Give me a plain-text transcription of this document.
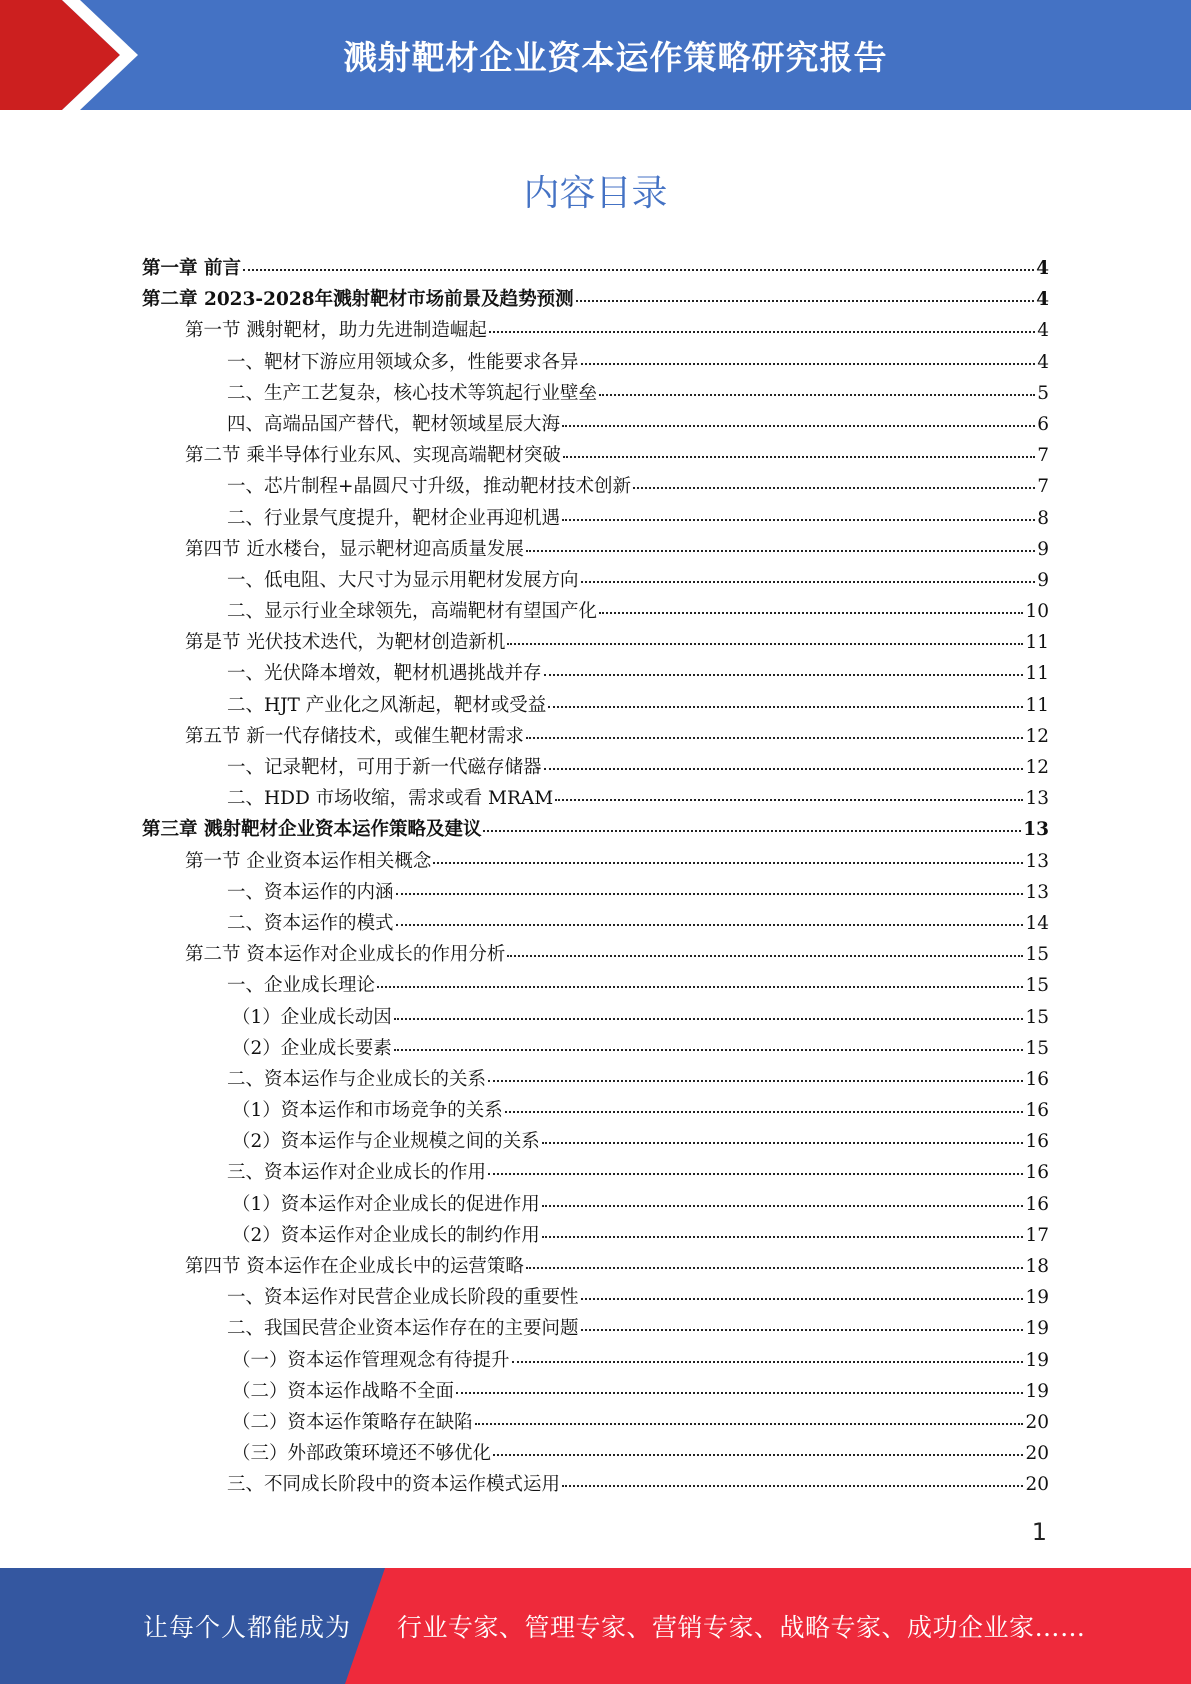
溅射靶材企业资本运作策略研究报告
内容目录
第一章 前言	4
第二章 2023-2028年溅射靶材市场前景及趋势预测	4
第一节 溅射靶材，助力先进制造崛起	4
一、靶材下游应用领域众多，性能要求各异	4
二、生产工艺复杂，核心技术等筑起行业壁垒	5
四、高端品国产替代，靶材领域星辰大海	6
第二节 乘半导体行业东风、实现高端靶材突破	7
一、芯片制程+晶圆尺寸升级，推动靶材技术创新	7
二、行业景气度提升，靶材企业再迎机遇	8
第四节 近水楼台，显示靶材迎高质量发展	9
一、低电阻、大尺寸为显示用靶材发展方向	9
二、显示行业全球领先，高端靶材有望国产化	10
第是节 光伏技术迭代，为靶材创造新机	11
一、光伏降本增效，靶材机遇挑战并存	11
二、HJT 产业化之风渐起，靶材或受益	11
第五节 新一代存储技术，或催生靶材需求	12
一、记录靶材，可用于新一代磁存储器	12
二、HDD 市场收缩，需求或看 MRAM	13
第三章 溅射靶材企业资本运作策略及建议	13
第一节 企业资本运作相关概念	13
一、资本运作的内涵	13
二、资本运作的模式	14
第二节 资本运作对企业成长的作用分析	15
一、企业成长理论	15
（1）企业成长动因	15
（2）企业成长要素	15
二、资本运作与企业成长的关系	16
（1）资本运作和市场竞争的关系	16
（2）资本运作与企业规模之间的关系	16
三、资本运作对企业成长的作用	16
（1）资本运作对企业成长的促进作用	16
（2）资本运作对企业成长的制约作用	17
第四节 资本运作在企业成长中的运营策略	18
一、资本运作对民营企业成长阶段的重要性	19
二、我国民营企业资本运作存在的主要问题	19
（一）资本运作管理观念有待提升	19
（二）资本运作战略不全面	19
（二）资本运作策略存在缺陷	20
（三）外部政策环境还不够优化	20
三、不同成长阶段中的资本运作模式运用	20
1
让每个人都能成为 行业专家、管理专家、营销专家、战略专家、成功企业家……
